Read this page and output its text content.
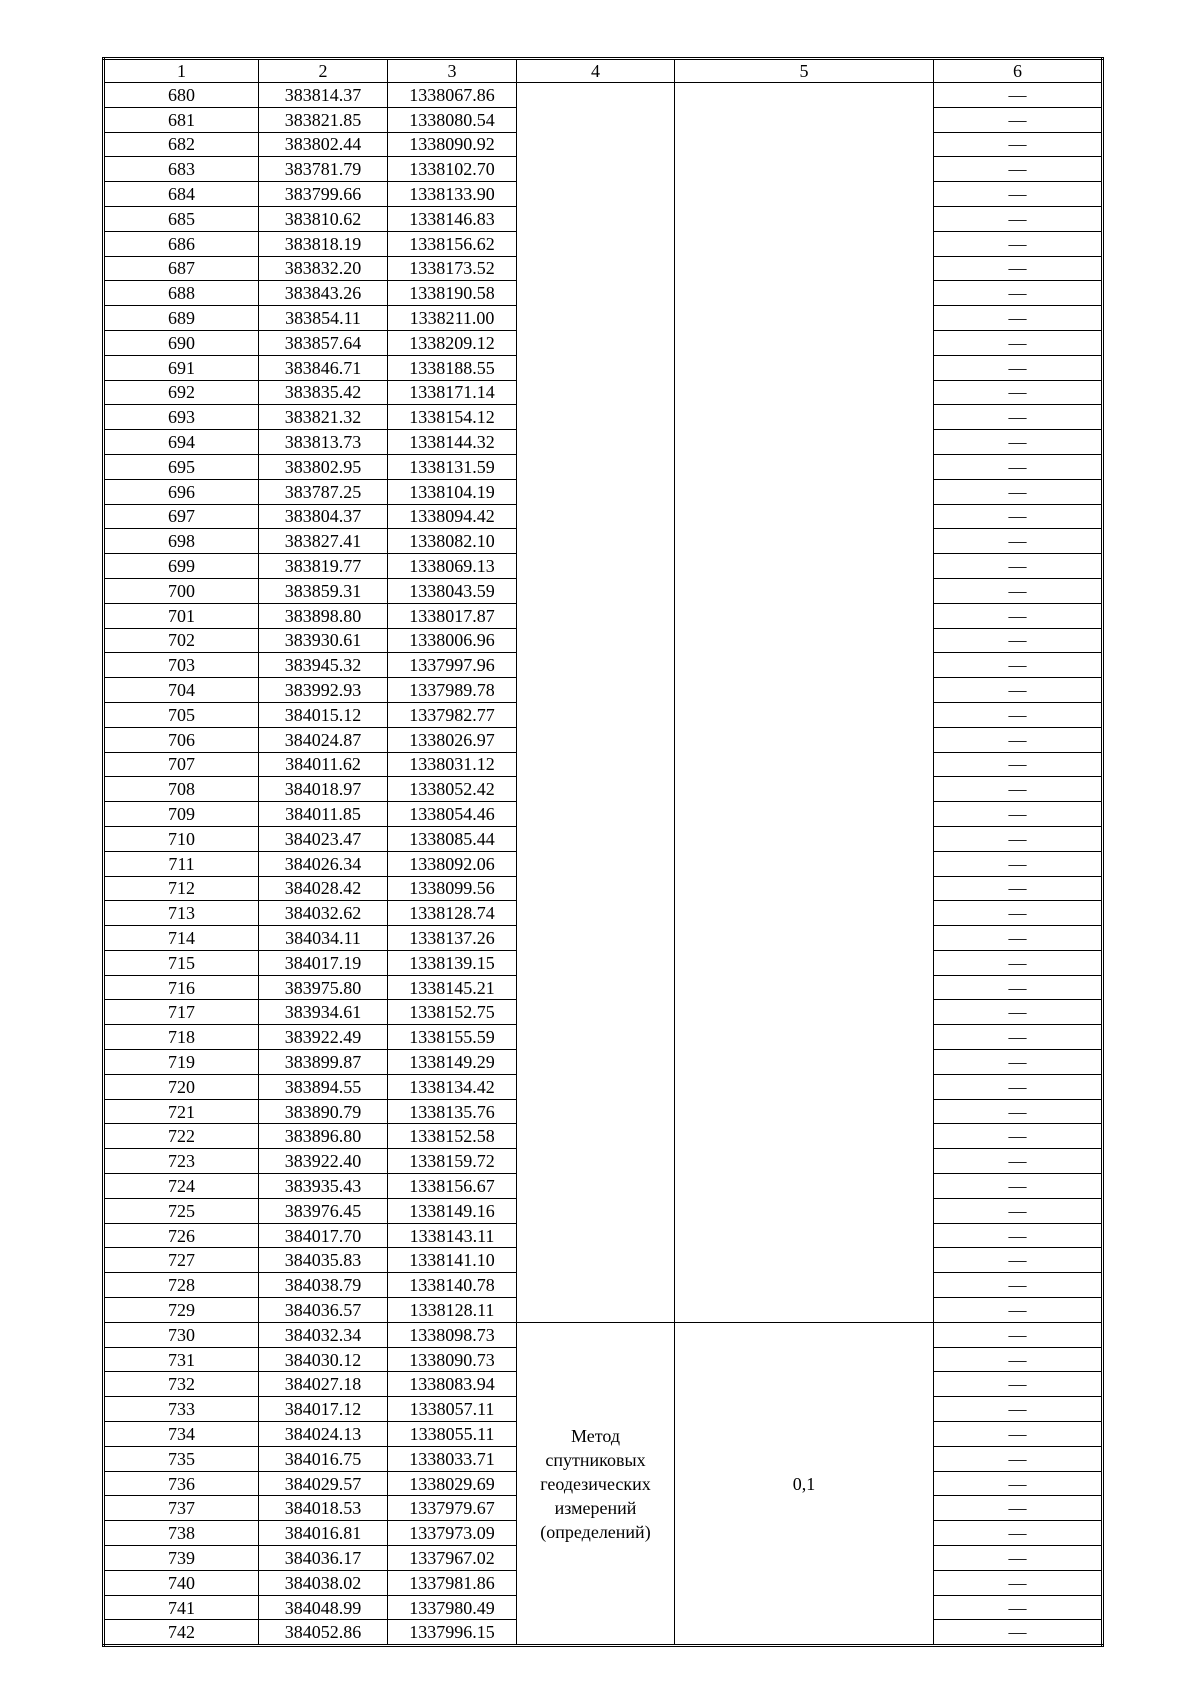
1	2	3	4	5	6
680	383814.37	1338067.86			—
681	383821.85	1338080.54			—
682	383802.44	1338090.92			—
683	383781.79	1338102.70			—
684	383799.66	1338133.90			—
685	383810.62	1338146.83			—
686	383818.19	1338156.62			—
687	383832.20	1338173.52			—
688	383843.26	1338190.58			—
689	383854.11	1338211.00			—
690	383857.64	1338209.12			—
691	383846.71	1338188.55			—
692	383835.42	1338171.14			—
693	383821.32	1338154.12			—
694	383813.73	1338144.32			—
695	383802.95	1338131.59			—
696	383787.25	1338104.19			—
697	383804.37	1338094.42			—
698	383827.41	1338082.10			—
699	383819.77	1338069.13			—
700	383859.31	1338043.59			—
701	383898.80	1338017.87			—
702	383930.61	1338006.96			—
703	383945.32	1337997.96			—
704	383992.93	1337989.78			—
705	384015.12	1337982.77			—
706	384024.87	1338026.97			—
707	384011.62	1338031.12			—
708	384018.97	1338052.42			—
709	384011.85	1338054.46			—
710	384023.47	1338085.44			—
711	384026.34	1338092.06			—
712	384028.42	1338099.56			—
713	384032.62	1338128.74			—
714	384034.11	1338137.26			—
715	384017.19	1338139.15			—
716	383975.80	1338145.21			—
717	383934.61	1338152.75			—
718	383922.49	1338155.59			—
719	383899.87	1338149.29			—
720	383894.55	1338134.42			—
721	383890.79	1338135.76			—
722	383896.80	1338152.58			—
723	383922.40	1338159.72			—
724	383935.43	1338156.67			—
725	383976.45	1338149.16			—
726	384017.70	1338143.11			—
727	384035.83	1338141.10			—
728	384038.79	1338140.78			—
729	384036.57	1338128.11			—
730	384032.34	1338098.73	Метод
спутниковых
геодезических
измерений
(определений)	0,1	—
731	384030.12	1338090.73			—
732	384027.18	1338083.94			—
733	384017.12	1338057.11			—
734	384024.13	1338055.11			—
735	384016.75	1338033.71			—
736	384029.57	1338029.69			—
737	384018.53	1337979.67			—
738	384016.81	1337973.09			—
739	384036.17	1337967.02			—
740	384038.02	1337981.86			—
741	384048.99	1337980.49			—
742	384052.86	1337996.15			—
